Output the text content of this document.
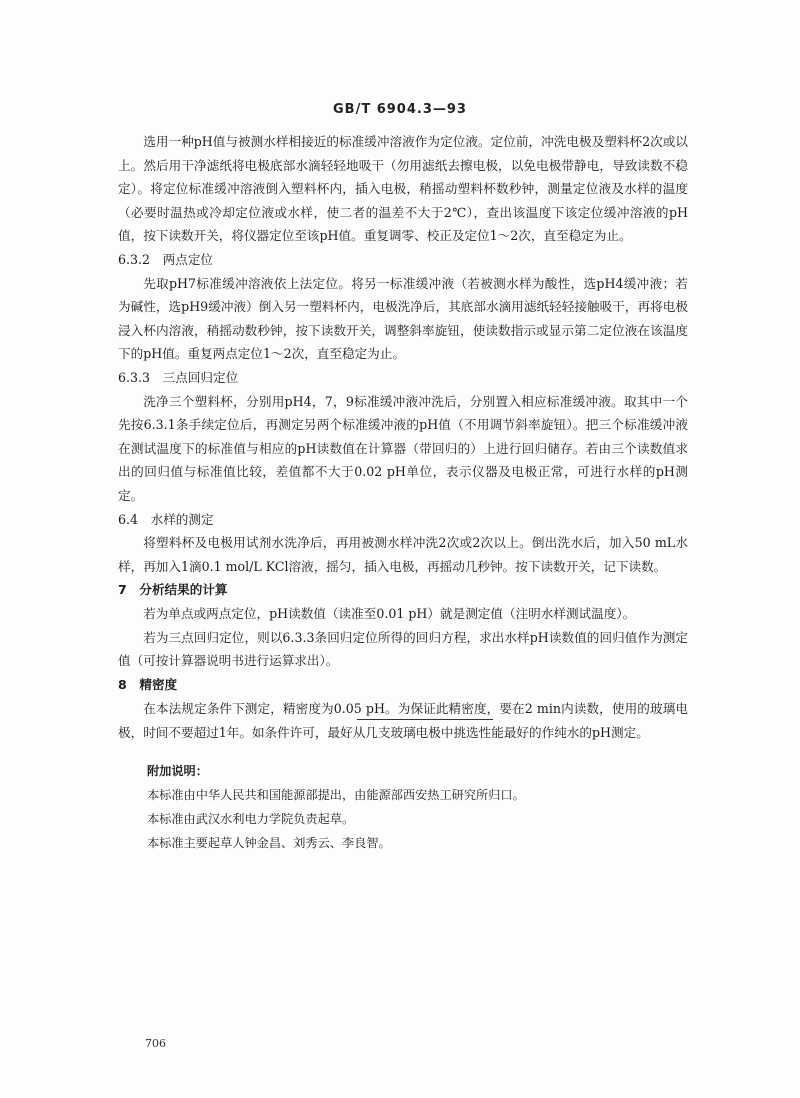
GB/T 6904.3—93

选用一种pH值与被测水样相接近的标准缓冲溶液作为定位液。定位前，冲洗电极及塑料杯2次或以上。然后用干净滤纸将电极底部水滴轻轻地吸干（勿用滤纸去擦电极，以免电极带静电，导致读数不稳定）。将定位标准缓冲溶液倒入塑料杯内，插入电极，稍摇动塑料杯数秒钟，测量定位液及水样的温度（必要时温热或冷却定位液或水样，使二者的温差不大于2℃），查出该温度下该定位缓冲溶液的pH值，按下读数开关，将仪器定位至该pH值。重复调零、校正及定位1～2次，直至稳定为止。

6.3.2　两点定位

先取pH7标准缓冲溶液依上法定位。将另一标准缓冲液（若被测水样为酸性，选pH4缓冲液；若为碱性，选pH9缓冲液）倒入另一塑料杯内，电极洗净后，其底部水滴用滤纸轻轻接触吸干，再将电极浸入杯内溶液，稍摇动数秒钟，按下读数开关，调整斜率旋钮，使读数指示或显示第二定位液在该温度下的pH值。重复两点定位1～2次，直至稳定为止。

6.3.3　三点回归定位

洗净三个塑料杯，分别用pH4，7，9标准缓冲液冲洗后，分别置入相应标准缓冲液。取其中一个先按6.3.1条手续定位后，再测定另两个标准缓冲液的pH值（不用调节斜率旋钮）。把三个标准缓冲液在测试温度下的标准值与相应的pH读数值在计算器（带回归的）上进行回归储存。若由三个读数值求出的回归值与标准值比较，差值都不大于0.02 pH单位，表示仪器及电极正常，可进行水样的pH测定。

6.4　水样的测定

将塑料杯及电极用试剂水洗净后，再用被测水样冲洗2次或2次以上。倒出洗水后，加入50 mL水样，再加入1滴0.1 mol/L KCl溶液，摇匀，插入电极，再摇动几秒钟。按下读数开关，记下读数。

7　分析结果的计算

若为单点或两点定位，pH读数值（读准至0.01 pH）就是测定值（注明水样测试温度）。

若为三点回归定位，则以6.3.3条回归定位所得的回归方程，求出水样pH读数值的回归值作为测定值（可按计算器说明书进行运算求出）。

8　精密度

在本法规定条件下测定，精密度为0.05 pH。为保证此精密度，要在2 min内读数，使用的玻璃电极，时间不要超过1年。如条件许可，最好从几支玻璃电极中挑选性能最好的作纯水的pH测定。

附加说明：

本标准由中华人民共和国能源部提出，由能源部西安热工研究所归口。

本标准由武汉水利电力学院负责起草。

本标准主要起草人钟金昌、刘秀云、李良智。

706
